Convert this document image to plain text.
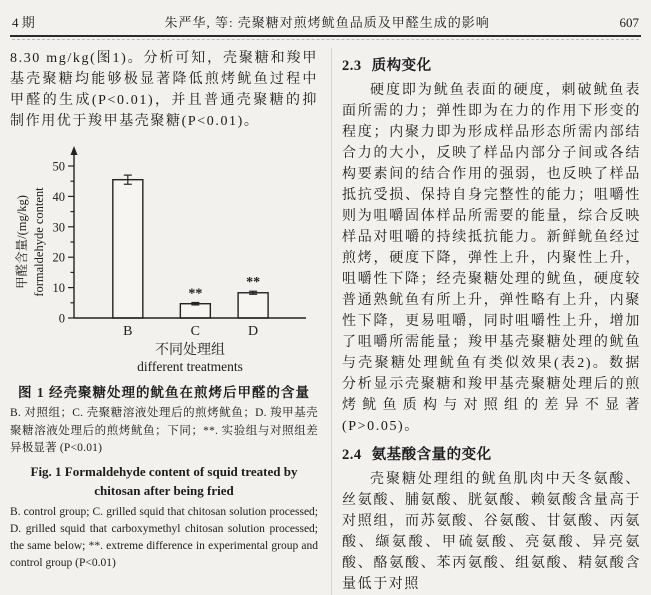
4 期	朱严华, 等: 壳聚糖对煎烤鱿鱼品质及甲醛生成的影响	607

8.30 mg/kg(图1)。分析可知，壳聚糖和羧甲基壳聚糖均能够极显著降低煎烤鱿鱼过程中甲醛的生成(P<0.01)，并且普通壳聚糖的抑制作用优于羧甲基壳聚糖(P<0.01)。

B
**
C
**
D
0
10
20
30
40
50
甲醛含量/(mg/kg) formaldehyde content
不同处理组
different treatments
图 1 经壳聚糖处理的鱿鱼在煎烤后甲醛的含量

B. 对照组；C. 壳聚糖溶液处理后的煎烤鱿鱼；D. 羧甲基壳聚糖溶液处理后的煎烤鱿鱼；下同；**. 实验组与对照组差异极显著 (P<0.01)

Fig. 1 Formaldehyde content of squid treated by
chitosan after being fried

B. control group; C. grilled squid that chitosan solution processed; D. grilled squid that carboxymethyl chitosan solution processed; the same below; **. extreme difference in experimental group and control group (P<0.01)

2.3 质构变化

硬度即为鱿鱼表面的硬度，刺破鱿鱼表面所需的力；弹性即为在力的作用下形变的程度；内聚力即为形成样品形态所需内部结合力的大小，反映了样品内部分子间或各结构要素间的结合作用的强弱，也反映了样品抵抗受损、保持自身完整性的能力；咀嚼性则为咀嚼固体样品所需要的能量，综合反映样品对咀嚼的持续抵抗能力。新鲜鱿鱼经过煎烤，硬度下降，弹性上升，内聚性上升，咀嚼性下降；经壳聚糖处理的鱿鱼，硬度较普通熟鱿鱼有所上升，弹性略有上升，内聚性下降，更易咀嚼，同时咀嚼性上升，增加了咀嚼所需能量；羧甲基壳聚糖处理的鱿鱼与壳聚糖处理鱿鱼有类似效果(表2)。数据分析显示壳聚糖和羧甲基壳聚糖处理后的煎烤鱿鱼质构与对照组的差异不显著(P>0.05)。

2.4 氨基酸含量的变化

壳聚糖处理组的鱿鱼肌肉中天冬氨酸、丝氨酸、脯氨酸、胱氨酸、赖氨酸含量高于对照组，而苏氨酸、谷氨酸、甘氨酸、丙氨酸、缬氨酸、甲硫氨酸、亮氨酸、异亮氨酸、酪氨酸、苯丙氨酸、组氨酸、精氨酸含量低于对照
